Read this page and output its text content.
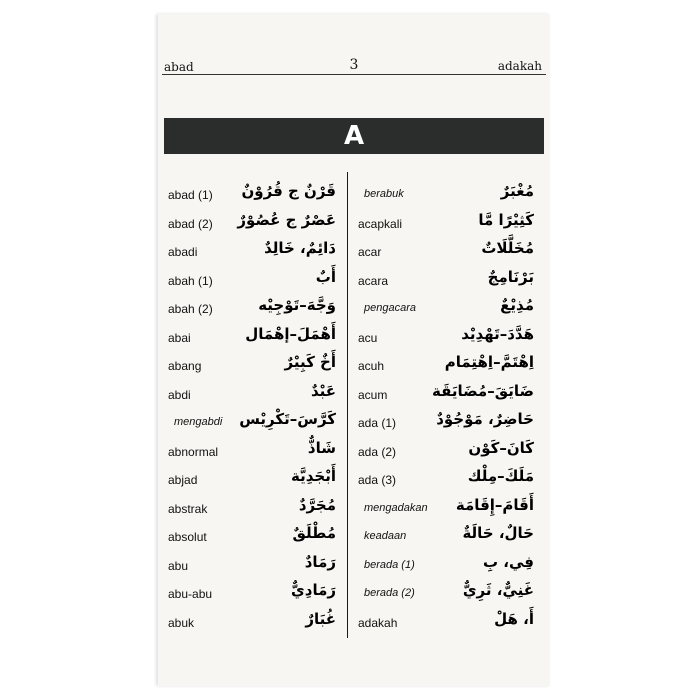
abad	3	adakah
A
abad (1) قَرْنٌ ج قُرُوْنٌ
abad (2) عَصْرٌ ج عُصُوْرٌ
abadi	دَائِمٌ، خَالِدٌ
abah (1)	أَبٌ
abah (2)	وَجَّهَ–تَوْجِيْه
abai	أَهْمَلَ–إهْمَال
abang	أَخٌ كَبِيْرٌ
abdi	عَبْدٌ
mengabdi كَرَّسَ–تَكْرِيْس
abnormal	شَاذٌّ
abjad	أَبْجَدِيَّة
abstrak	مُجَرَّدٌ
absolut	مُطْلَقٌ
abu	رَمَادٌ
abu-abu	رَمَادِيٌّ
abuk	غُبَارٌ
berabuk	مُغْبَرٌ
acapkali	كَثِيْرًا مَّا
acar	مُخَلَّلَاتٌ
acara	بَرْنَامِجٌ
pengacara	مُذِيْعٌ
acu	هَدَّدَ–تَهْدِيْد
acuh	اِهْتَمَّ–اِهْتِمَام
acum	ضَايَقَ–مُضَايَقَة
ada (1)	حَاضِرٌ، مَوْجُوْدٌ
ada (2)	كَانَ–كَوْن
ada (3)	مَلَكَ–مِلْك
mengadakan أَقَامَ–إِقَامَة
keadaan	حَالٌ، حَالَةٌ
berada (1)	فِي، بِ
berada (2)	غَنِيٌّ، ثَرِيٌّ
adakah	أَ، هَلْ
